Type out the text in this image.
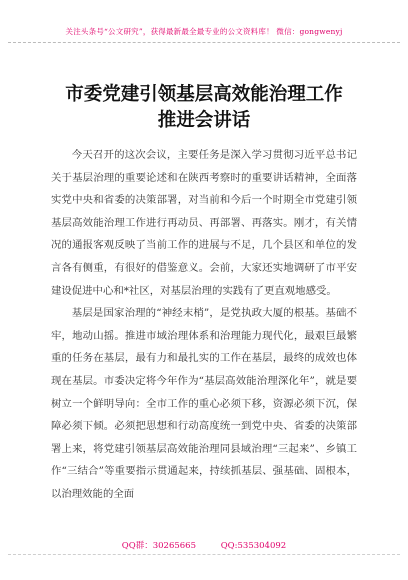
关注头条号“公文研究”，获得最新最全最专业的公文资料库！ 微信：gongwenyj
市委党建引领基层高效能治理工作
推进会讲话

今天召开的这次会议，主要任务是深入学习贯彻习近平总书记关于基层治理的重要论述和在陕西考察时的重要讲话精神，全面落实党中央和省委的决策部署，对当前和今后一个时期全市党建引领基层高效能治理工作进行再动员、再部署、再落实。刚才，有关情况的通报客观反映了当前工作的进展与不足，几个县区和单位的发言各有侧重，有很好的借鉴意义。会前，大家还实地调研了市平安建设促进中心和*社区，对基层治理的实践有了更直观地感受。

基层是国家治理的“神经末梢”，是党执政大厦的根基。基础不牢，地动山摇。推进市域治理体系和治理能力现代化，最艰巨最繁重的任务在基层，最有力和最扎实的工作在基层，最终的成效也体现在基层。市委决定将今年作为“基层高效能治理深化年”，就是要树立一个鲜明导向：全市工作的重心必须下移，资源必须下沉，保障必须下倾。必须把思想和行动高度统一到党中央、省委的决策部署上来，将党建引领基层高效能治理同县域治理“三起来”、乡镇工作“三结合”等重要指示贯通起来，持续抓基层、强基础、固根本，以治理效能的全面

QQ群：30265665	QQ:535304092
